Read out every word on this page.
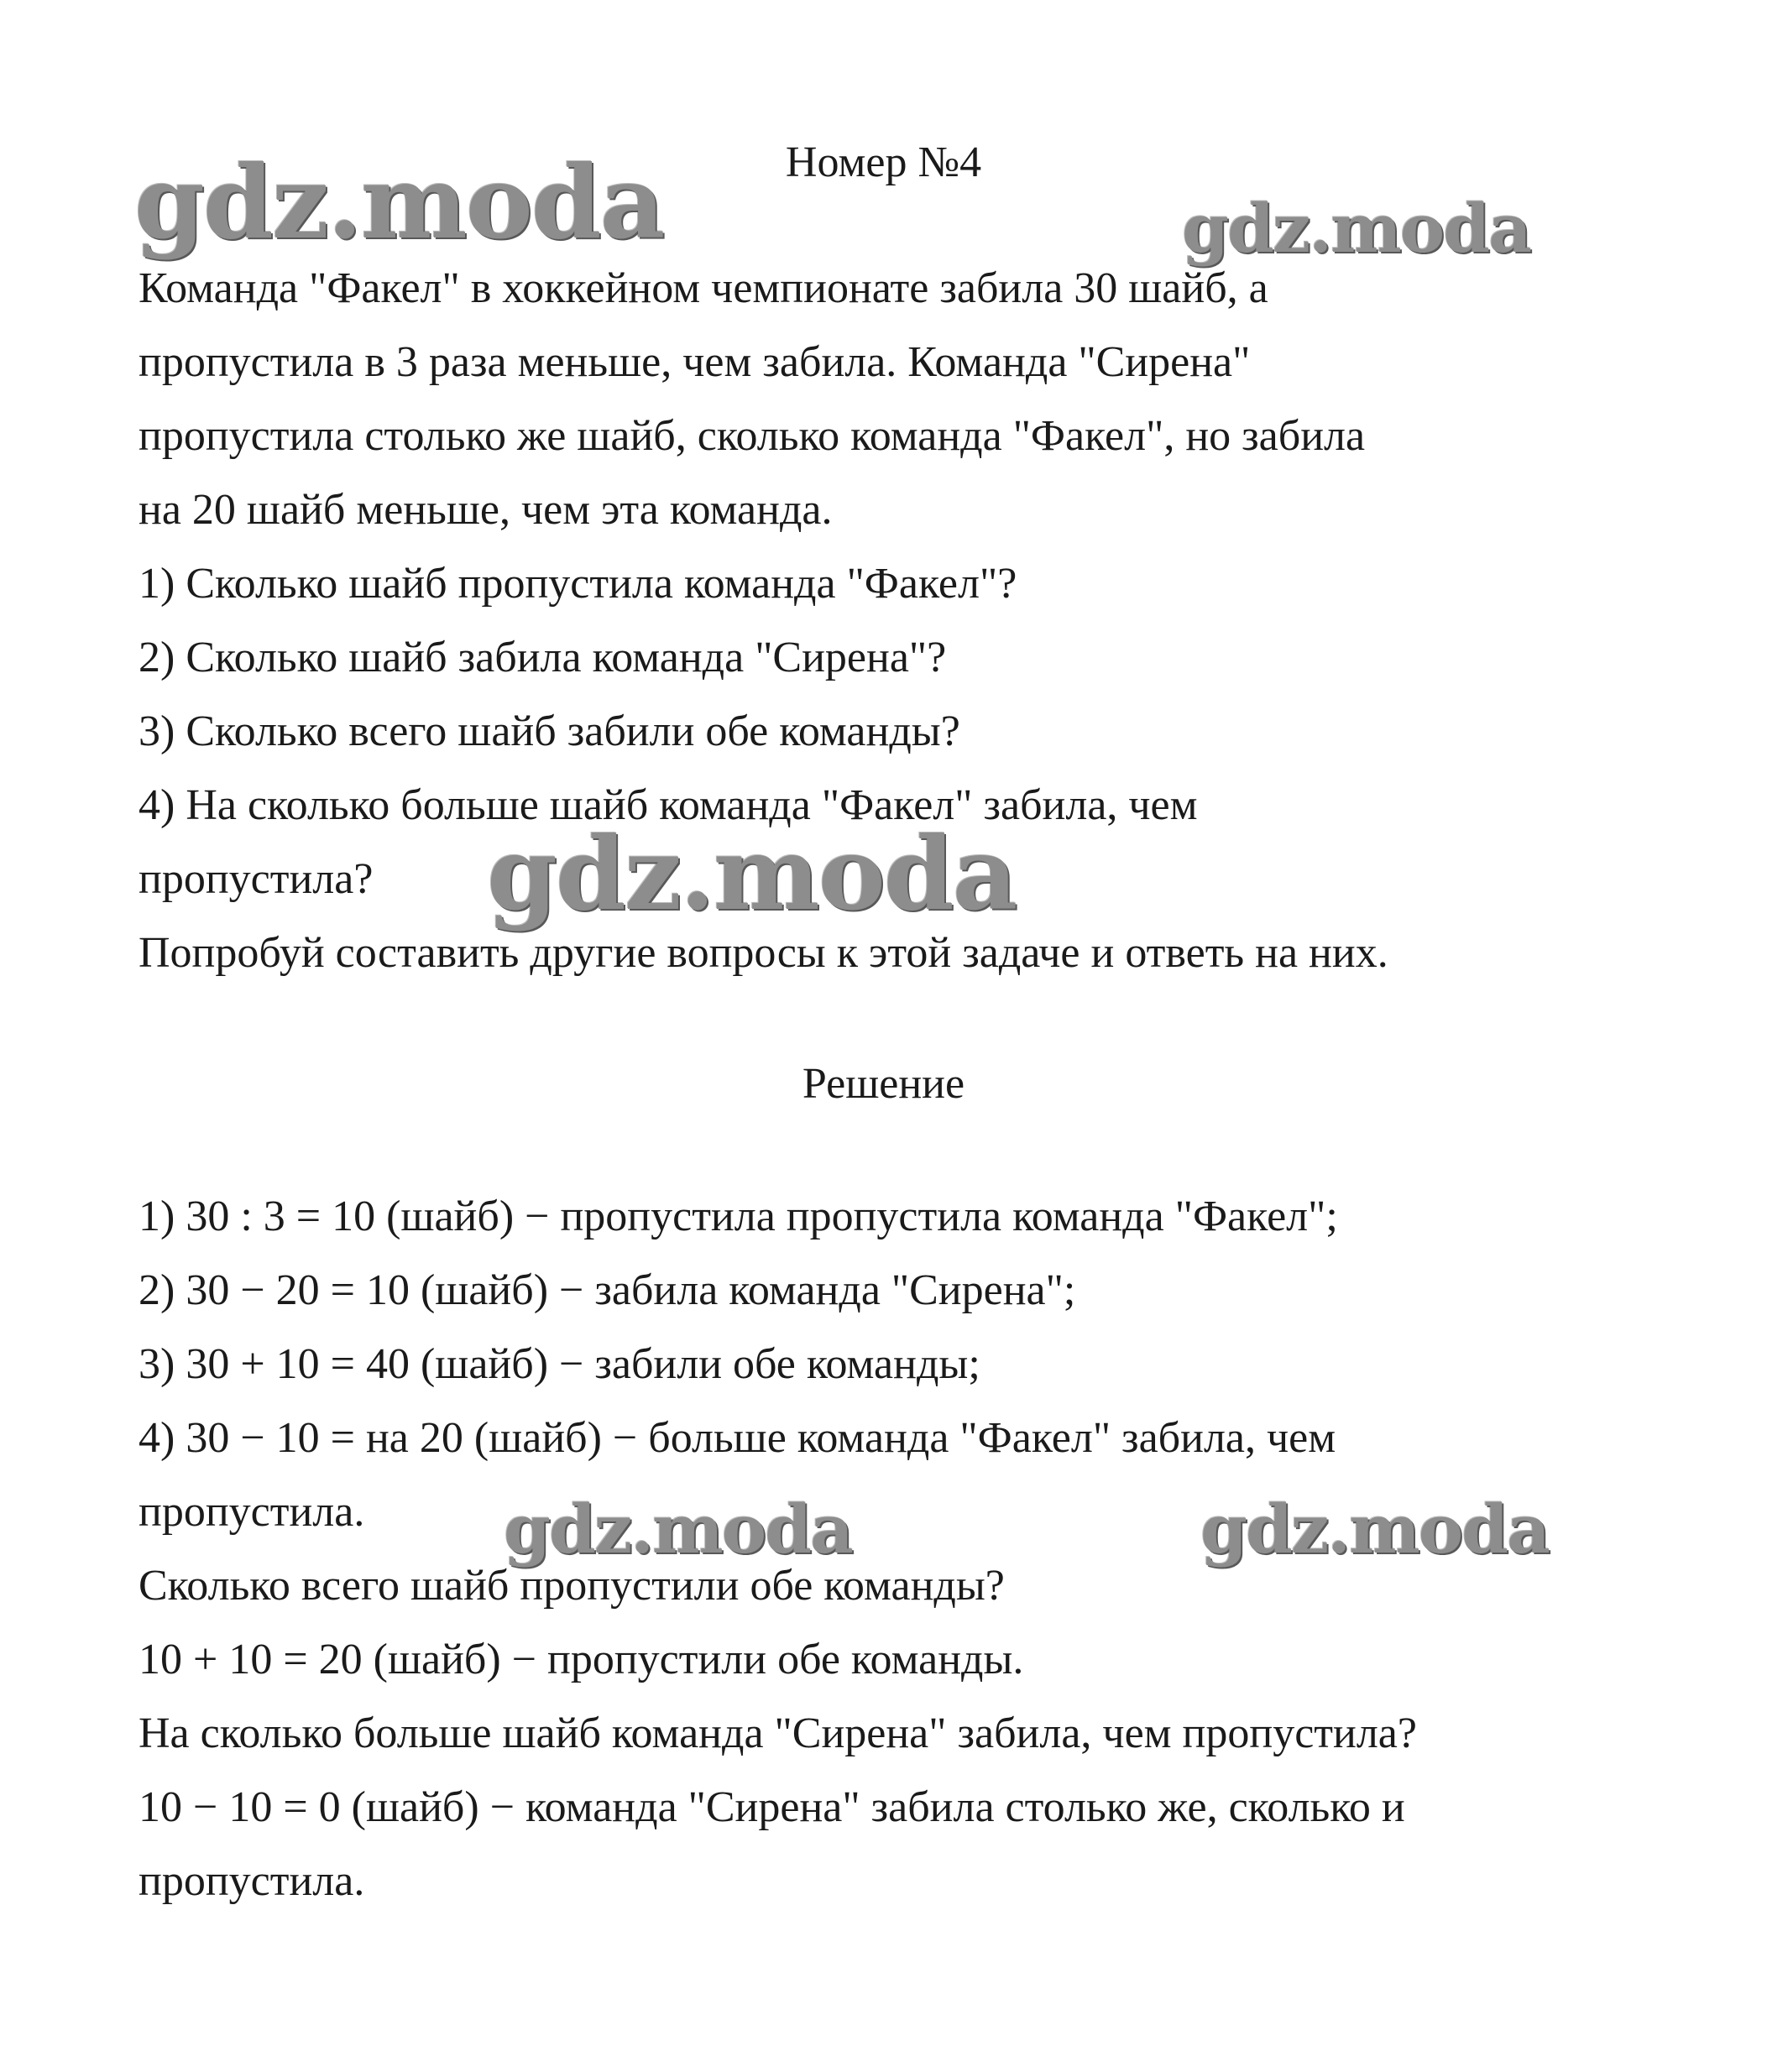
gdz.moda	gdz.moda
gdz.moda
gdz.moda	gdz.moda
Номер №4
Команда "Факел" в хоккейном чемпионате забила 30 шайб, а
пропустила в 3 раза меньше, чем забила. Команда "Сирена"
пропустила столько же шайб, сколько команда "Факел", но забила
на 20 шайб меньше, чем эта команда.
1) Сколько шайб пропустила команда "Факел"?
2) Сколько шайб забила команда "Сирена"?
3) Сколько всего шайб забили обе команды?
4) На сколько больше шайб команда "Факел" забила, чем
пропустила?
Попробуй составить другие вопросы к этой задаче и ответь на них.
Решение
1) 30 : 3 = 10 (шайб) − пропустила пропустила команда "Факел";
2) 30 − 20 = 10 (шайб) − забила команда "Сирена";
3) 30 + 10 = 40 (шайб) − забили обе команды;
4) 30 − 10 = на 20 (шайб) − больше команда "Факел" забила, чем
пропустила.
Сколько всего шайб пропустили обе команды?
10 + 10 = 20 (шайб) − пропустили обе команды.
На сколько больше шайб команда "Сирена" забила, чем пропустила?
10 − 10 = 0 (шайб) − команда "Сирена" забила столько же, сколько и
пропустила.
